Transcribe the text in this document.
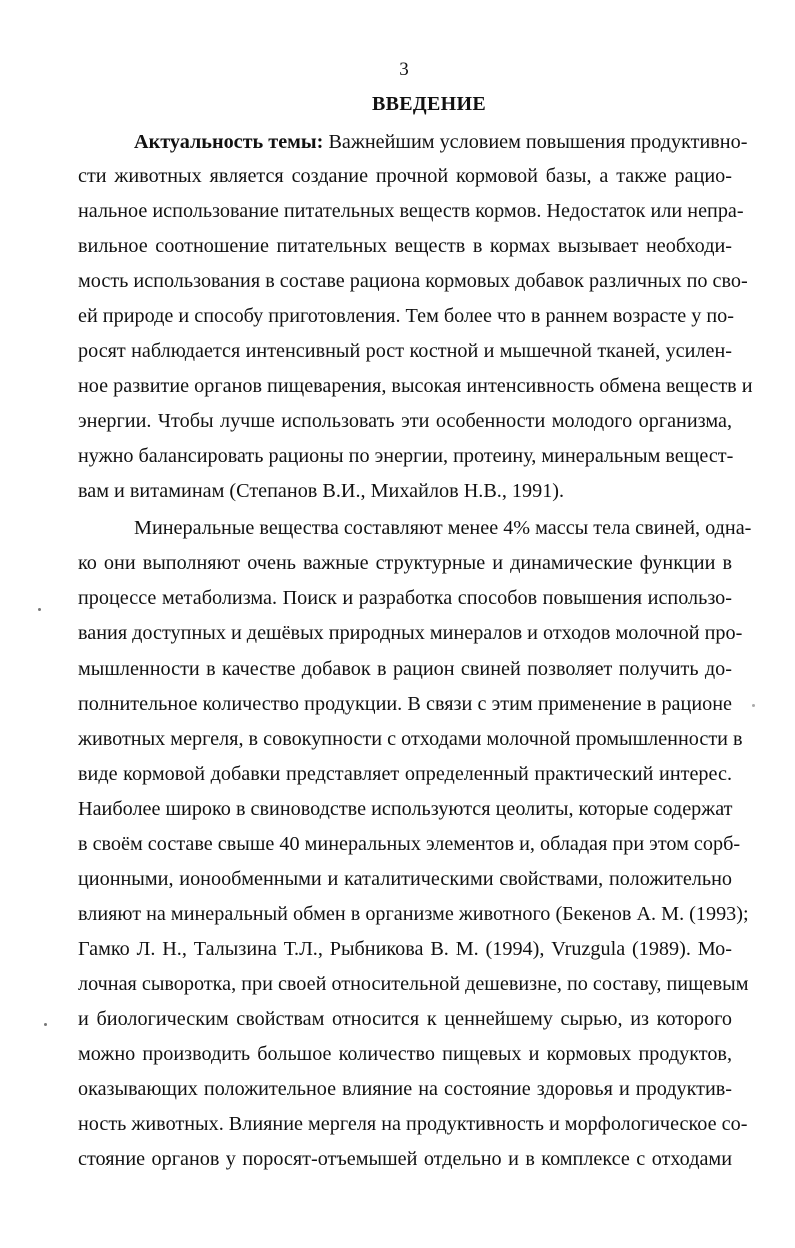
3
ВВЕДЕНИЕ
Актуальность темы: Важнейшим условием повышения продуктивно-
сти животных является создание прочной кормовой базы, а также рацио-
нальное использование питательных веществ кормов. Недостаток или непра-
вильное соотношение питательных веществ в кормах вызывает необходи-
мость использования в составе рациона кормовых добавок различных по сво-
ей природе и способу приготовления. Тем более что в раннем возрасте у по-
росят наблюдается интенсивный рост костной и мышечной тканей, усилен-
ное развитие органов пищеварения, высокая интенсивность обмена веществ и
энергии. Чтобы лучше использовать эти особенности молодого организма,
нужно балансировать рационы по энергии, протеину, минеральным вещест-
вам и витаминам (Степанов В.И., Михайлов Н.В., 1991).
Минеральные вещества составляют менее 4% массы тела свиней, одна-
ко они выполняют очень важные структурные и динамические функции в
процессе метаболизма. Поиск и разработка способов повышения использо-
вания доступных и дешёвых природных минералов и отходов молочной про-
мышленности в качестве добавок в рацион свиней позволяет получить до-
полнительное количество продукции. В связи с этим применение в рационе
животных мергеля, в совокупности с отходами молочной промышленности в
виде кормовой добавки представляет определенный практический интерес.
Наиболее широко в свиноводстве используются цеолиты, которые содержат
в своём составе свыше 40 минеральных элементов и, обладая при этом сорб-
ционными, ионообменными и каталитическими свойствами, положительно
влияют на минеральный обмен в организме животного (Бекенов А. М. (1993);
Гамко Л. Н., Талызина Т.Л., Рыбникова В. М. (1994), Vruzgula (1989). Мо-
лочная сыворотка, при своей относительной дешевизне, по составу, пищевым
и биологическим свойствам относится к ценнейшему сырью, из которого
можно производить большое количество пищевых и кормовых продуктов,
оказывающих положительное влияние на состояние здоровья и продуктив-
ность животных. Влияние мергеля на продуктивность и морфологическое со-
стояние органов у поросят-отъемышей отдельно и в комплексе с отходами
